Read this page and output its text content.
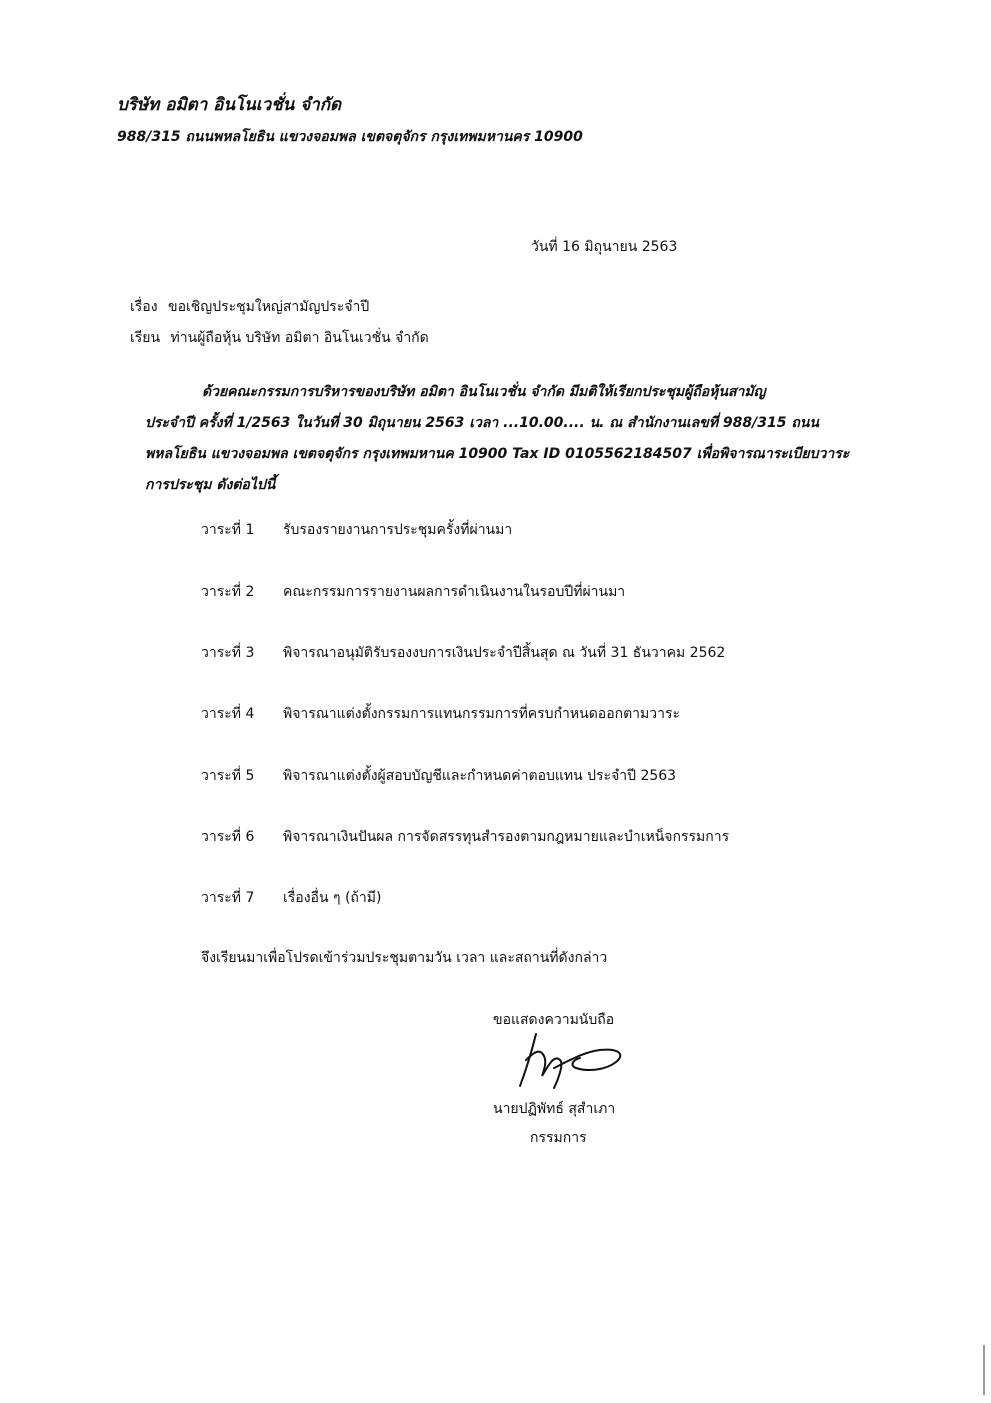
บริษัท อมิตา อินโนเวชั่น จำกัด
988/315 ถนนพหลโยธิน แขวงจอมพล เขตจตุจักร กรุงเทพมหานคร 10900
วันที่ 16 มิถุนายน 2563
เรื่อง ขอเชิญประชุมใหญ่สามัญประจำปี
เรียน ท่านผู้ถือหุ้น บริษัท อมิตา อินโนเวชั่น จำกัด
ด้วยคณะกรรมการบริหารของบริษัท อมิตา อินโนเวชั่น จำกัด มีมติให้เรียกประชุมผู้ถือหุ้นสามัญ
ประจำปี ครั้งที่ 1/2563 ในวันที่ 30 มิถุนายน 2563 เวลา ...10.00.... น. ณ สำนักงานเลขที่ 988/315 ถนน
พหลโยธิน แขวงจอมพล เขตจตุจักร กรุงเทพมหานค 10900 Tax ID 0105562184507 เพื่อพิจารณาระเบียบวาระ
การประชุม ดังต่อไปนี้
วาระที่ 1 รับรองรายงานการประชุมครั้งที่ผ่านมา
วาระที่ 2 คณะกรรมการรายงานผลการดำเนินงานในรอบปีที่ผ่านมา
วาระที่ 3 พิจารณาอนุมัติรับรองงบการเงินประจำปีสิ้นสุด ณ วันที่ 31 ธันวาคม 2562
วาระที่ 4 พิจารณาแต่งตั้งกรรมการแทนกรรมการที่ครบกำหนดออกตามวาระ
วาระที่ 5 พิจารณาแต่งตั้งผู้สอบบัญชีและกำหนดค่าตอบแทน ประจำปี 2563
วาระที่ 6 พิจารณาเงินปันผล การจัดสรรทุนสำรองตามกฎหมายและบำเหน็จกรรมการ
วาระที่ 7 เรื่องอื่น ๆ (ถ้ามี)
จึงเรียนมาเพื่อโปรดเข้าร่วมประชุมตามวัน เวลา และสถานที่ดังกล่าว
ขอแสดงความนับถือ
นายปฏิพัทธ์ สุสำเภา
กรรมการ
